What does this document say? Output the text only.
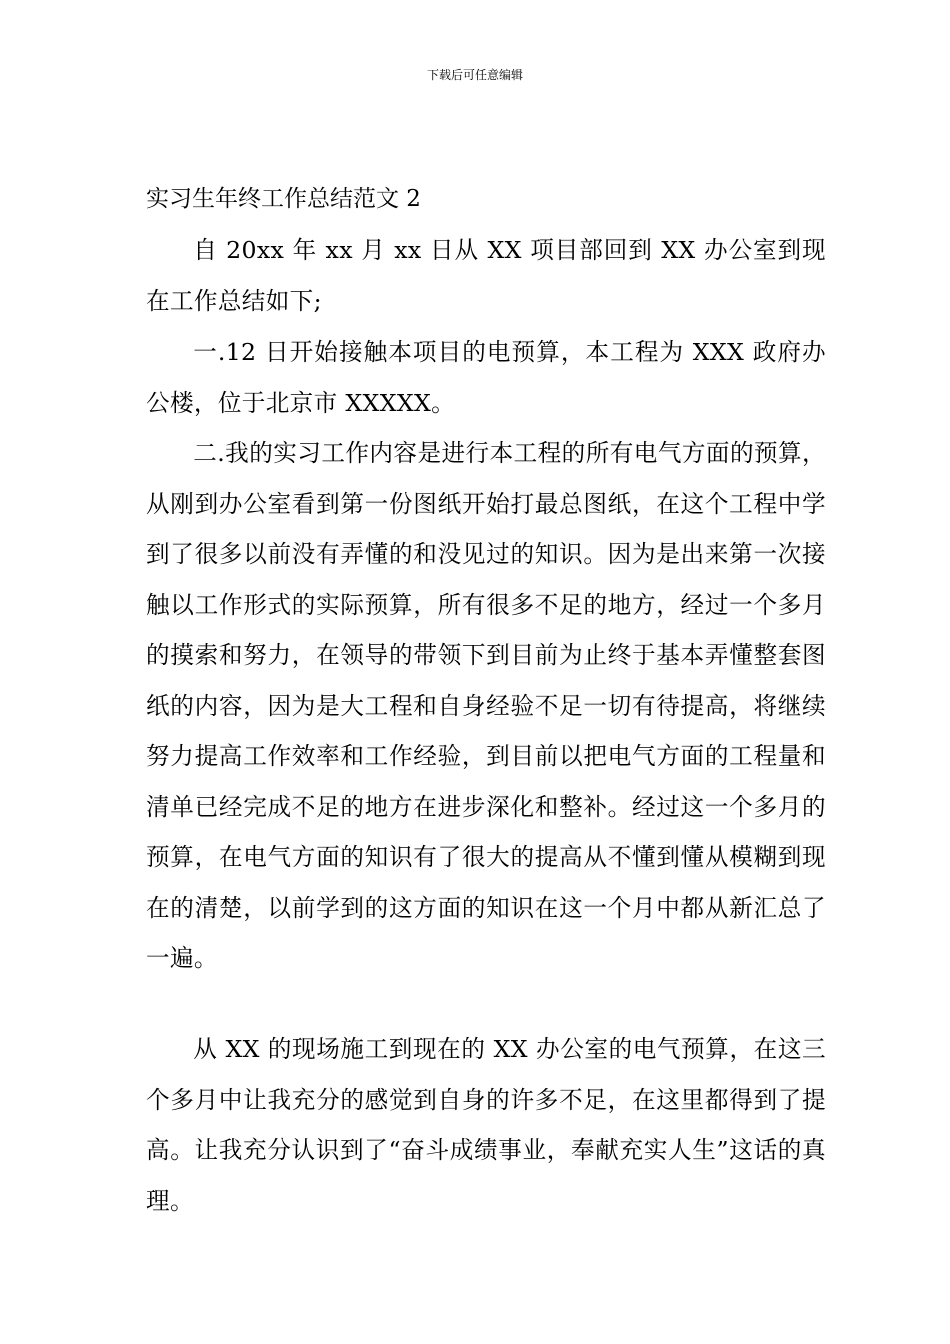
下载后可任意编辑
实习生年终工作总结范文 2

自 20xx 年 xx 月 xx 日从 XX 项目部回到 XX 办公室到现在工作总结如下;

一.12 日开始接触本项目的电预算，本工程为 XXX 政府办公楼，位于北京市 XXXXX。

二.我的实习工作内容是进行本工程的所有电气方面的预算，从刚到办公室看到第一份图纸开始打最总图纸，在这个工程中学到了很多以前没有弄懂的和没见过的知识。因为是出来第一次接触以工作形式的实际预算，所有很多不足的地方，经过一个多月的摸索和努力，在领导的带领下到目前为止终于基本弄懂整套图纸的内容，因为是大工程和自身经验不足一切有待提高，将继续努力提高工作效率和工作经验，到目前以把电气方面的工程量和清单已经完成不足的地方在进步深化和整补。经过这一个多月的预算，在电气方面的知识有了很大的提高从不懂到懂从模糊到现在的清楚，以前学到的这方面的知识在这一个月中都从新汇总了一遍。

从 XX 的现场施工到现在的 XX 办公室的电气预算，在这三个多月中让我充分的感觉到自身的许多不足，在这里都得到了提高。让我充分认识到了“奋斗成绩事业，奉献充实人生”这话的真理。
